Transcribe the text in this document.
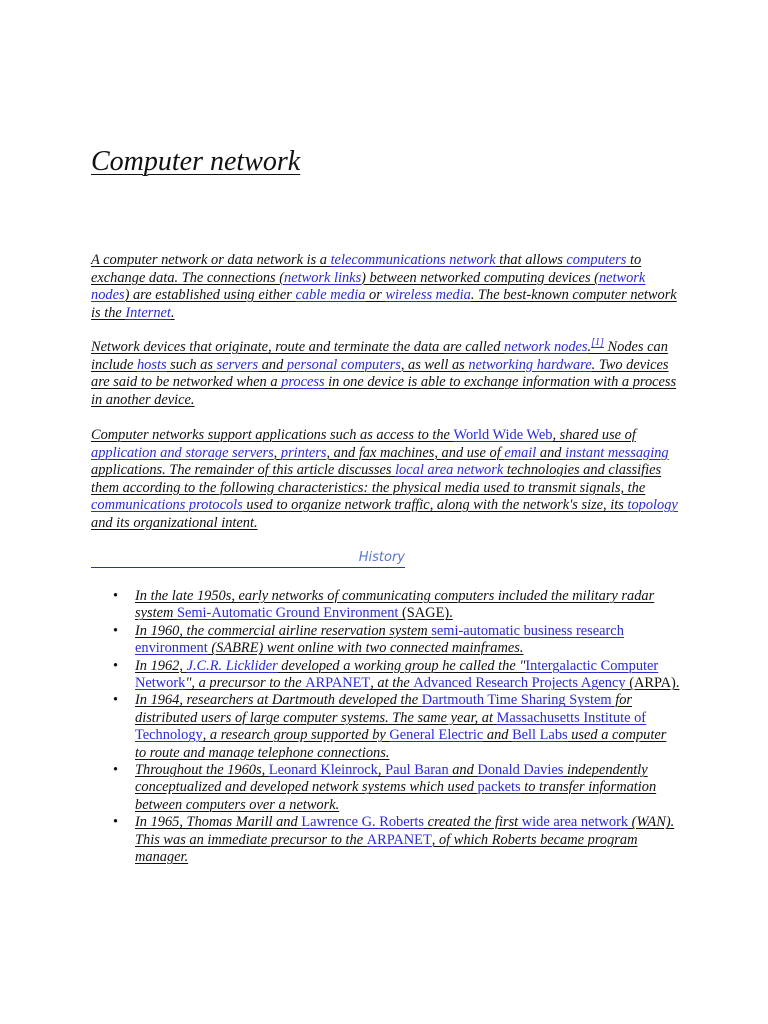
Computer network

A computer network or data network is a telecommunications network that allows computers to exchange data. The connections (network links) between networked computing devices (network nodes) are established using either cable media or wireless media. The best-known computer network is the Internet.

Network devices that originate, route and terminate the data are called network nodes.[1] Nodes can include hosts such as servers and personal computers, as well as networking hardware. Two devices are said to be networked when a process in one device is able to exchange information with a process in another device.

Computer networks support applications such as access to the World Wide Web, shared use of application and storage servers, printers, and fax machines, and use of email and instant messaging applications. The remainder of this article discusses local area network technologies and classifies them according to the following characteristics: the physical media used to transmit signals, the communications protocols used to organize network traffic, along with the network's size, its topology and its organizational intent.

History
• In the late 1950s, early networks of communicating computers included the military radar system Semi-Automatic Ground Environment (SAGE).
• In 1960, the commercial airline reservation system semi-automatic business research environment (SABRE) went online with two connected mainframes.
• In 1962, J.C.R. Licklider developed a working group he called the "Intergalactic Computer Network", a precursor to the ARPANET, at the Advanced Research Projects Agency (ARPA).
• In 1964, researchers at Dartmouth developed the Dartmouth Time Sharing System for distributed users of large computer systems. The same year, at Massachusetts Institute of Technology, a research group supported by General Electric and Bell Labs used a computer to route and manage telephone connections.
• Throughout the 1960s, Leonard Kleinrock, Paul Baran and Donald Davies independently conceptualized and developed network systems which used packets to transfer information between computers over a network.
• In 1965, Thomas Marill and Lawrence G. Roberts created the first wide area network (WAN). This was an immediate precursor to the ARPANET, of which Roberts became program manager.
